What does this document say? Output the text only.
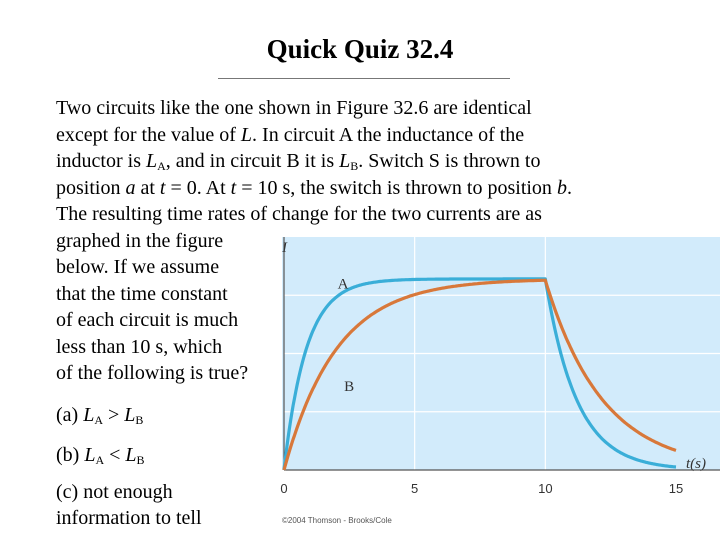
Quick Quiz 32.4
Two circuits like the one shown in Figure 32.6 are identical
except for the value of L. In circuit A the inductance of the
inductor is $L_A$, and in circuit B it is $L_B$. Switch S is thrown to
position a at t = 0. At t = 10 s, the switch is thrown to position b.
The resulting time rates of change for the two currents are as
graphed in the figure
below. If we assume
that the time constant
of each circuit is much
less than 10 s, which
of the following is true?
(a) $L_A > L_B$
(b) $L_A < L_B$
(c) not enough
information to tell
I
t(s)
0	5	10	15
A
B
©2004 Thomson - Brooks/Cole
